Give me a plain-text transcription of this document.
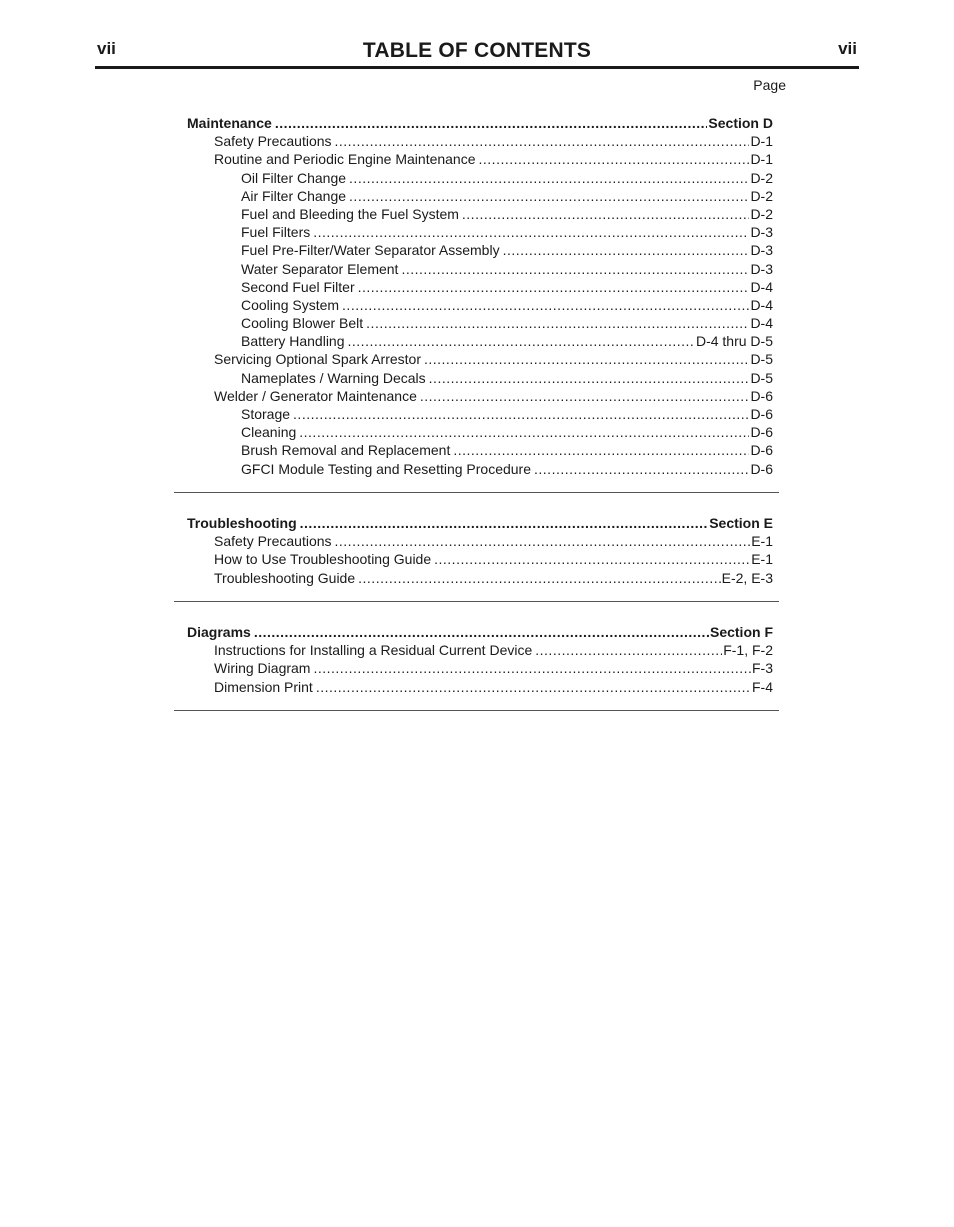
vii	TABLE OF CONTENTS	vii
Page
Maintenance .....	Section D
Safety Precautions .....	D-1
Routine and Periodic Engine Maintenance .....	D-1
Oil Filter Change .....	D-2
Air Filter Change .....	D-2
Fuel and Bleeding the Fuel System .....	D-2
Fuel Filters .....	D-3
Fuel Pre-Filter/Water Separator Assembly .....	D-3
Water Separator Element .....	D-3
Second Fuel Filter .....	D-4
Cooling System .....	D-4
Cooling Blower Belt .....	D-4
Battery Handling .....	D-4 thru D-5
Servicing Optional Spark Arrestor .....	D-5
Nameplates / Warning Decals .....	D-5
Welder / Generator Maintenance .....	D-6
Storage .....	D-6
Cleaning .....	D-6
Brush Removal and Replacement .....	D-6
GFCI Module Testing and Resetting Procedure .....	D-6
Troubleshooting .....	Section E
Safety Precautions .....	E-1
How to Use Troubleshooting Guide .....	E-1
Troubleshooting Guide .....	E-2, E-3
Diagrams .....	Section F
Instructions for Installing a Residual Current Device .....	F-1, F-2
Wiring Diagram .....	F-3
Dimension Print .....	F-4
